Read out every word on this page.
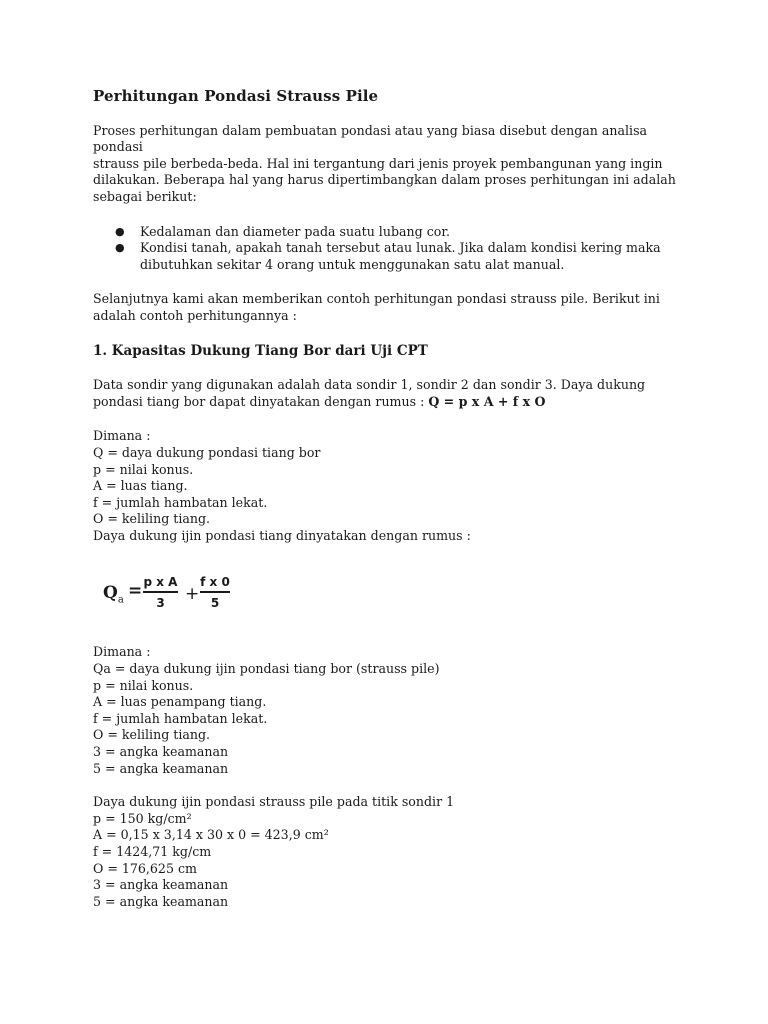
Perhitungan Pondasi Strauss Pile

Proses perhitungan dalam pembuatan pondasi atau yang biasa disebut dengan analisa pondasi
strauss pile berbeda-beda. Hal ini tergantung dari jenis proyek pembangunan yang ingin
dilakukan. Beberapa hal yang harus dipertimbangkan dalam proses perhitungan ini adalah
sebagai berikut:

● Kedalaman dan diameter pada suatu lubang cor.
● Kondisi tanah, apakah tanah tersebut atau lunak. Jika dalam kondisi kering maka
dibutuhkan sekitar 4 orang untuk menggunakan satu alat manual.

Selanjutnya kami akan memberikan contoh perhitungan pondasi strauss pile. Berikut ini
adalah contoh perhitungannya :

1. Kapasitas Dukung Tiang Bor dari Uji CPT

Data sondir yang digunakan adalah data sondir 1, sondir 2 dan sondir 3. Daya dukung
pondasi tiang bor dapat dinyatakan dengan rumus : Q = p x A + f x O

Dimana :
Q = daya dukung pondasi tiang bor
p = nilai konus.
A = luas tiang.
f = jumlah hambatan lekat.
O = keliling tiang.
Daya dukung ijin pondasi tiang dinyatakan dengan rumus :
$Q_a = p$ x A
3	+
f x 0
5
Dimana :
Qa = daya dukung ijin pondasi tiang bor (strauss pile)
p = nilai konus.
A = luas penampang tiang.
f = jumlah hambatan lekat.
O = keliling tiang.
3 = angka keamanan
5 = angka keamanan
Daya dukung ijin pondasi strauss pile pada titik sondir 1
p = 150 kg/cm²
A = 0,15 x 3,14 x 30 x 0 = 423,9 cm²
f = 1424,71 kg/cm
O = 176,625 cm
3 = angka keamanan
5 = angka keamanan
